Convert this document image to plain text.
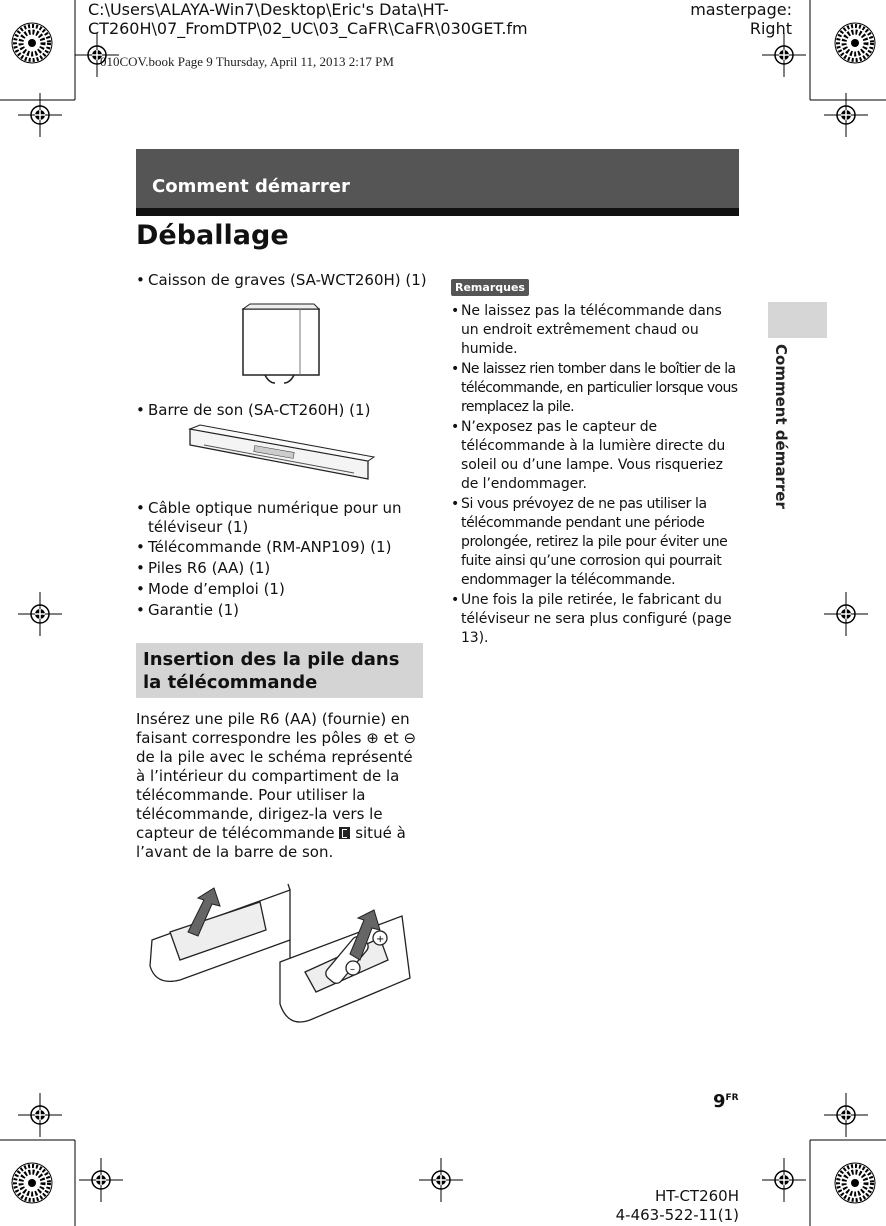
C:\Users\ALAYA-Win7\Desktop\Eric's Data\HT-
CT260H\07_FromDTP\02_UC\03_CaFR\CaFR\030GET.fm
masterpage:
Right
010COV.book Page 9 Thursday, April 11, 2013 2:17 PM
Comment démarrer
Comment démarrer
Déballage
• Caisson de graves (SA-WCT260H) (1)
• Barre de son (SA-CT260H) (1)
• Câble optique numérique pour un
téléviseur (1)
• Télécommande (RM-ANP109) (1)
• Piles R6 (AA) (1)
• Mode d’emploi (1)
• Garantie (1)
Insertion des la pile dans la télécommande
Insérez une pile R6 (AA) (fournie) en faisant correspondre les pôles ⊕ et ⊖ de la pile avec le schéma représenté à l’intérieur du compartiment de la télécommande. Pour utiliser la télécommande, dirigez-la vers le capteur de télécommande situé à l’avant de la barre de son.
+
–
Remarques
• Ne laissez pas la télécommande dans un endroit extrêmement chaud ou humide.
• Ne laissez rien tomber dans le boîtier de la télécommande, en particulier lorsque vous remplacez la pile.
• N’exposez pas le capteur de télécommande à la lumière directe du soleil ou d’une lampe. Vous risqueriez de l’endommager.
• Si vous prévoyez de ne pas utiliser la télécommande pendant une période prolongée, retirez la pile pour éviter une fuite ainsi qu’une corrosion qui pourrait endommager la télécommande.
• Une fois la pile retirée, le fabricant du téléviseur ne sera plus configuré (page 13).
$9^{FR}$
HT-CT260H
4-463-522-11(1)
